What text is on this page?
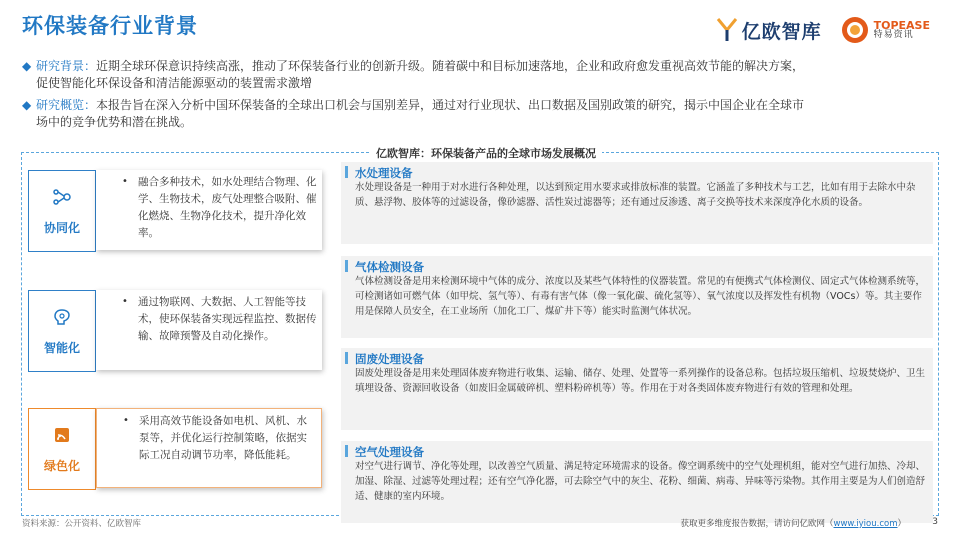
环保装备行业背景	亿欧智库	TOPEASE
特易资讯
◆ 研究背景：近期全球环保意识持续高涨，推动了环保装备行业的创新升级。随着碳中和目标加速落地，企业和政府愈发重视高效节能的解决方案，
促使智能化环保设备和清洁能源驱动的装置需求激增
◆ 研究概览：本报告旨在深入分析中国环保装备的全球出口机会与国别差异，通过对行业现状、出口数据及国别政策的研究，揭示中国企业在全球市
场中的竞争优势和潜在挑战。
亿欧智库：环保装备产品的全球市场发展概况
协同化
• 融合多种技术，如水处理结合物理、化学、生物技术，废气处理整合吸附、催化燃烧、生物净化技术，提升净化效率。
智能化
• 通过物联网、大数据、人工智能等技术，使环保装备实现远程监控、数据传输、故障预警及自动化操作。
绿色化
• 采用高效节能设备如电机、风机、水泵等，并优化运行控制策略，依据实际工况自动调节功率，降低能耗。
水处理设备
水处理设备是一种用于对水进行各种处理，以达到预定用水要求或排放标准的装置。它涵盖了多种技术与工艺，比如有用于去除水中杂质、悬浮物、胶体等的过滤设备，像砂滤器、活性炭过滤器等；还有通过反渗透、离子交换等技术来深度净化水质的设备。
气体检测设备
气体检测设备是用来检测环境中气体的成分、浓度以及某些气体特性的仪器装置。常见的有便携式气体检测仪、固定式气体检测系统等，可检测诸如可燃气体（如甲烷、氢气等）、有毒有害气体（像一氧化碳、硫化氢等）、氧气浓度以及挥发性有机物（VOCs）等。其主要作用是保障人员安全，在工业场所（加化工厂、煤矿井下等）能实时监测气体状况。
固废处理设备
固废处理设备是用来处理固体废弃物进行收集、运输、储存、处理、处置等一系列操作的设备总称。包括垃圾压缩机、垃圾焚烧炉、卫生填埋设备、资源回收设备（如废旧金属破碎机、塑料粉碎机等）等。作用在于对各类固体废弃物进行有效的管理和处理。
空气处理设备
对空气进行调节、净化等处理，以改善空气质量、满足特定环境需求的设备。像空调系统中的空气处理机组，能对空气进行加热、冷却、加湿、除湿、过滤等处理过程；还有空气净化器，可去除空气中的灰尘、花粉、细菌、病毒、异味等污染物。其作用主要是为人们创造舒适、健康的室内环境。
资料来源：公开资料、亿欧智库	获取更多维度报告数据，请访问亿欧网（www.iyiou.com）	3
